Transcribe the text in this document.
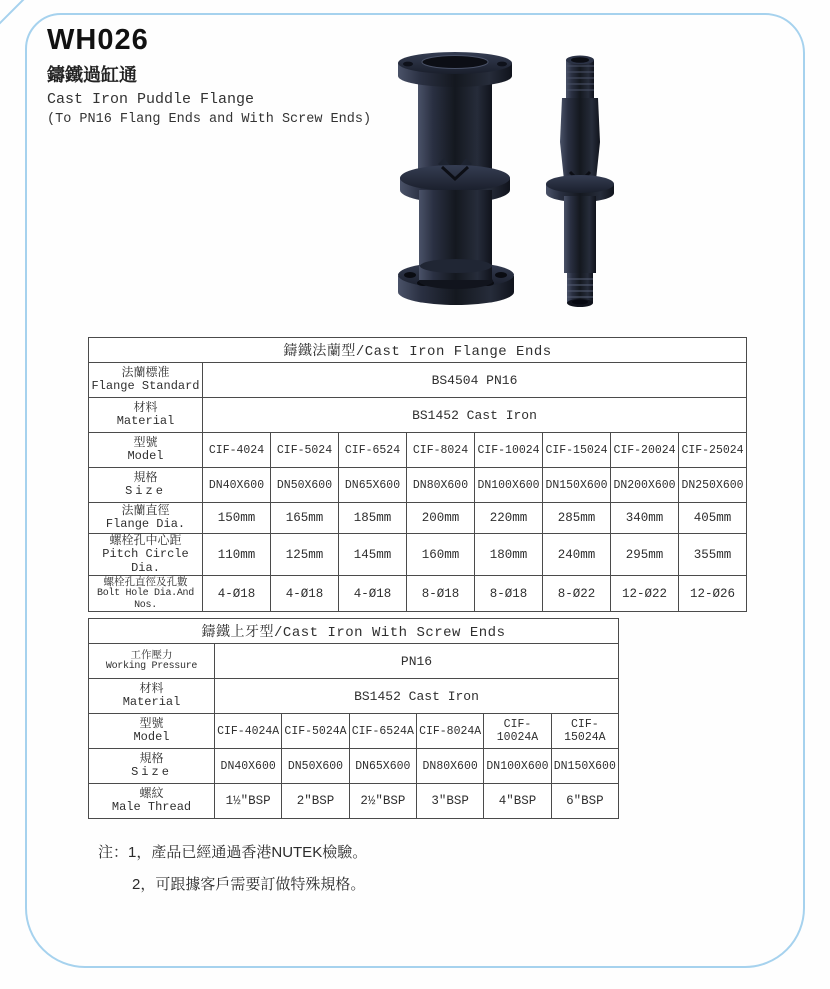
WH026
鑄鐵過缸通
Cast Iron Puddle Flange
(To PN16 Flang Ends and With Screw Ends)
鑄鐵法蘭型/Cast Iron Flange Ends								

法蘭標准
Flange Standard	BS4504 PN16							

材料
Material	BS1452 Cast Iron							

型號
Model	CIF-4024	CIF-5024	CIF-6524	CIF-8024	CIF-10024	CIF-15024	CIF-20024	CIF-25024

規格
Size	DN40X600	DN50X600	DN65X600	DN80X600	DN100X600	DN150X600	DN200X600	DN250X600

法蘭直徑
Flange Dia.	150mm	165mm	185mm	200mm	220mm	285mm	340mm	405mm

螺栓孔中心距
Pitch Circle Dia.	110mm	125mm	145mm	160mm	180mm	240mm	295mm	355mm

螺栓孔直徑及孔數
Bolt Hole Dia.And Nos.	4-Ø18	4-Ø18	4-Ø18	8-Ø18	8-Ø18	8-Ø22	12-Ø22	12-Ø26
鑄鐵上牙型/Cast Iron With Screw Ends						

工作壓力
Working Pressure	PN16					

材料
Material	BS1452 Cast Iron					

型號
Model	CIF-4024A	CIF-5024A	CIF-6524A	CIF-8024A	CIF-10024A	CIF-15024A

規格
Size	DN40X600	DN50X600	DN65X600	DN80X600	DN100X600	DN150X600

螺紋
Male Thread	1½″BSP	2″BSP	2½″BSP	3″BSP	4″BSP	6″BSP
注： 1，產品已經通過香港NUTEK檢驗。
2，可跟據客戶需要訂做特殊規格。
